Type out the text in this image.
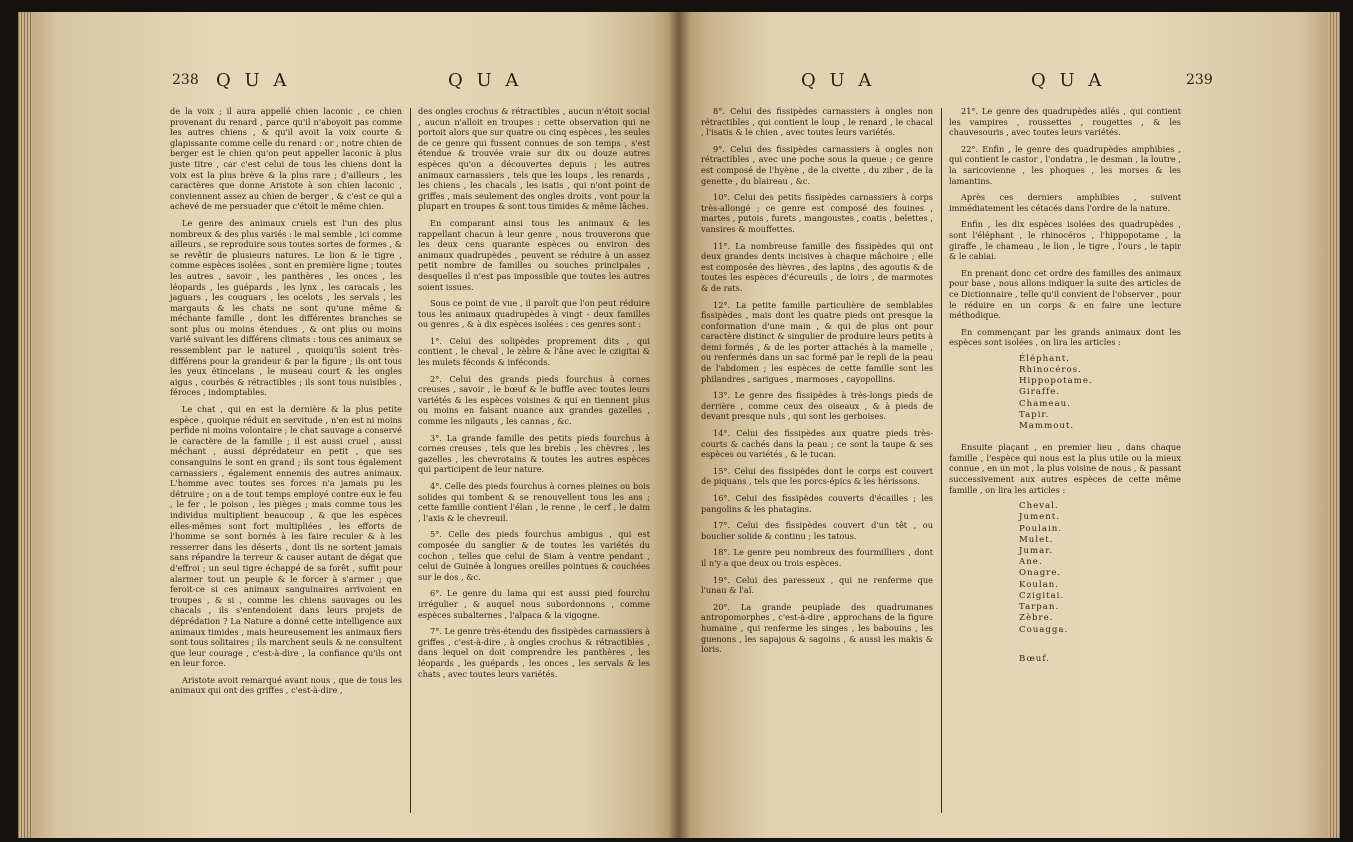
238 Q U A	Q U A

de la voix ; il aura appellé chien laconic , ce chien provenant du renard , parce qu'il n'aboyoit pas comme les autres chiens , & qu'il avoit la voix courte & glapissante comme celle du renard : or , notre chien de berger est le chien qu'on peut appeller laconic à plus juste titre , car c'est celui de tous les chiens dont la voix est la plus brève & la plus rare ; d'ailleurs , les caractères que donne Aristote à son chien laconic , conviennent assez au chien de berger , & c'est ce qui a achevé de me persuader que c'étoit le même chien.

Le genre des animaux cruels est l'un des plus nombreux & des plus variés : le mal semble , ici comme ailleurs , se reproduire sous toutes sortes de formes , & se revêtir de plusieurs natures. Le lion & le tigre , comme espèces isolées , sont en première ligne ; toutes les autres , savoir , les panthères , les onces , les léopards , les guépards , les lynx , les caracals , les jaguars , les couguars , les ocelots , les servals , les margauts & les chats ne sont qu'une même & méchante famille , dont les différentes branches se sont plus ou moins étendues , & ont plus ou moins varié suivant les différens climats : tous ces animaux se ressemblent par le naturel , quoiqu'ils soient très-différens pour la grandeur & par la figure ; ils ont tous les yeux étincelans , le museau court & les ongles aigus , courbés & rétractibles ; ils sont tous nuisibles , féroces , indomptables.

Le chat , qui en est la dernière & la plus petite espèce , quoique réduit en servitude , n'en est ni moins perfide ni moins volontaire ; le chat sauvage a conservé le caractère de la famille ; il est aussi cruel , aussi méchant , aussi déprédateur en petit , que ses consanguins le sont en grand ; ils sont tous également carnassiers , également ennemis des autres animaux. L'homme avec toutes ses forces n'a jamais pu les détruire ; on a de tout temps employé contre eux le feu , le fer , le poison , les pièges ; mais comme tous les individus multiplient beaucoup , & que les espèces elles-mêmes sont fort multipliées , les efforts de l'homme se sont bornés à les faire reculer & à les resserrer dans les déserts , dont ils ne sortent jamais sans répandre la terreur & causer autant de dégat que d'effroi ; un seul tigre échappé de sa forêt , suffit pour alarmer tout un peuple & le forcer à s'armer ; que feroit-ce si ces animaux sanguinaires arrivoient en troupes , & si , comme les chiens sauvages ou les chacals , ils s'entendoient dans leurs projets de déprédation ? La Nature a donné cette intelligence aux animaux timides , mais heureusement les animaux fiers sont tous solitaires ; ils marchent seuls & ne consultent que leur courage , c'est-à-dire , la confiance qu'ils ont en leur force.

Aristote avoit remarqué avant nous , que de tous les animaux qui ont des griffes , c'est-à-dire ,

des ongles crochus & rétractibles , aucun n'étoit social , aucun n'alloit en troupes : cette observation qui ne portoit alors que sur quatre ou cinq espèces , les seules de ce genre qui fussent connues de son temps , s'est étendue & trouvée vraie sur dix ou douze autres espèces qu'on a découvertes depuis ; les autres animaux carnassiers , tels que les loups , les renards , les chiens , les chacals , les isatis , qui n'ont point de griffes , mais seulement des ongles droits , vont pour la plupart en troupes & sont tous timides & même lâches.

En comparant ainsi tous les animaux & les rappellant chacun à leur genre , nous trouverons que les deux cens quarante espèces ou environ des animaux quadrupèdes , peuvent se réduire à un assez petit nombre de familles ou souches principales , desquelles il n'est pas impossible que toutes les autres soient issues.

Sous ce point de vue , il paroît que l'on peut réduire tous les animaux quadrupèdes à vingt - deux familles ou genres , & à dix espèces isolées : ces genres sont :

1°. Celui des solipèdes proprement dits , qui contient , le cheval , le zèbre & l'âne avec le czigitai & les mulets féconds & inféconds.

2°. Celui des grands pieds fourchus à cornes creuses , savoir , le bœuf & le buffle avec toutes leurs variétés & les espèces voisines & qui en tiennent plus ou moins en faisant nuance aux grandes gazelles , comme les nilgauts , les cannas , &c.

3°. La grande famille des petits pieds fourchus à cornes creuses , tels que les brebis , les chèvres , les gazelles , les chevrotains & toutes les autres espèces qui participent de leur nature.

4°. Celle des pieds fourchus à cornes pleines ou bois solides qui tombent & se renouvellent tous les ans ; cette famille contient l'élan , le renne , le cerf , le daim , l'axis & le chevreuil.

5°. Celle des pieds fourchus ambigus , qui est composée du sanglier & de toutes les variétés du cochon , telles que celui de Siam à ventre pendant , celui de Guinée à longues oreilles pointues & couchées sur le dos , &c.

6°. Le genre du lama qui est aussi pied fourchu irrégulier , & auquel nous subordonnons , comme espèces subalternes , l'alpaca & la vigogne.

7°. Le genre très-étendu des fissipèdes carnassiers à griffes , c'est-à-dire , à ongles crochus & rétractibles , dans lequel on doit comprendre les panthères , les léopards , les guépards , les onces , les servals & les chats , avec toutes leurs variétés.

Q U A	Q U A	239

8°. Celui des fissipèdes carnassiers à ongles non rétractibles , qui contient le loup , le renard , le chacal , l'isatis & le chien , avec toutes leurs variétés.

9°. Celui des fissipèdes carnassiers à ongles non rétractibles , avec une poche sous la queue ; ce genre est composé de l'hyène , de la civette , du ziber , de la genette , du blaireau , &c.

10°. Celui des petits fissipèdes carnassiers à corps très-allongé ; ce genre est composé des fouines , martes , putois , furets , mangoustes , coatis , belettes , vansires & mouffettes.

11°. La nombreuse famille des fissipèdes qui ont deux grandes dents incisives à chaque mâchoire ; elle est composée des lièvres , des lapins , des agoutis & de toutes les espèces d'écureuils , de loirs , de marmotes & de rats.

12°. La petite famille particulière de semblables fissipèdes , mais dont les quatre pieds ont presque la conformation d'une main , & qui de plus ont pour caractère distinct & singulier de produire leurs petits à demi formés , & de les porter attachés à la mamelle , ou renfermés dans un sac formé par le repli de la peau de l'abdomen ; les espèces de cette famille sont les philandres , sarigues , marmoses , cayopollins.

13°. Le genre des fissipèdes à très-longs pieds de derrière , comme ceux des oiseaux , & à pieds de devant presque nuls , qui sont les gerboises.

14°. Celui des fissipèdes aux quatre pieds très-courts & cachés dans la peau ; ce sont la taupe & ses espèces ou variétés , & le tucan.

15°. Celui des fissipèdes dont le corps est couvert de piquans , tels que les porcs-épics & les hérissons.

16°. Celui des fissipèdes couverts d'écailles ; les pangolins & les phatagins.

17°. Celui des fissipèdes couvert d'un têt , ou bouclier solide & continu ; les tatous.

18°. Le genre peu nombreux des fourmilliers , dont il n'y a que deux ou trois espèces.

19°. Celui des paresseux , qui ne renferme que l'unau & l'aï.

20°. La grande peuplade des quadrumanes antropomorphes , c'est-à-dire , approchans de la figure humaine , qui renferme les singes , les babouins , les guenons , les sapajous & sagoins , & aussi les makis & loris.

21°. Le genre des quadrupèdes ailés , qui contient les vampires , roussettes , rougettes , & les chauvesouris , avec toutes leurs variétés.

22°. Enfin , le genre des quadrupèdes amphibies , qui contient le castor , l'ondatra , le desman , la loutre , la saricovienne , les phoques , les morses & les lamantins.

Après ces derniers amphibies , suivent immédiatement les cétacés dans l'ordre de la nature.

Enfin , les dix espèces isolées des quadrupèdes , sont l'éléphant , le rhinocéros , l'hippopotame , la giraffe , le chameau , le lion , le tigre , l'ours , le tapir & le cabiai.

En prenant donc cet ordre des familles des animaux pour base , nous allons indiquer la suite des articles de ce Dictionnaire , telle qu'il convient de l'observer , pour le réduire en un corps & en faire une lecture méthodique.

En commençant par les grands animaux dont les espèces sont isolées , on lira les articles :

Éléphant.
Rhinocéros.
Hippopotame.
Giraffe.
Chameau.
Tapir.
Mammout.

Ensuite plaçant , en premier lieu , dans chaque famille , l'espèce qui nous est la plus utile ou la mieux connue , en un mot , la plus voisine de nous , & passant successivement aux autres espèces de cette même famille , on lira les articles :

Cheval.
Jument.
Poulain.
Mulet.
Jumar.
Ane.
Onagre.
Koulan.
Czigitai.
Tarpan.
Zèbre.
Couagga.
Bœuf.
